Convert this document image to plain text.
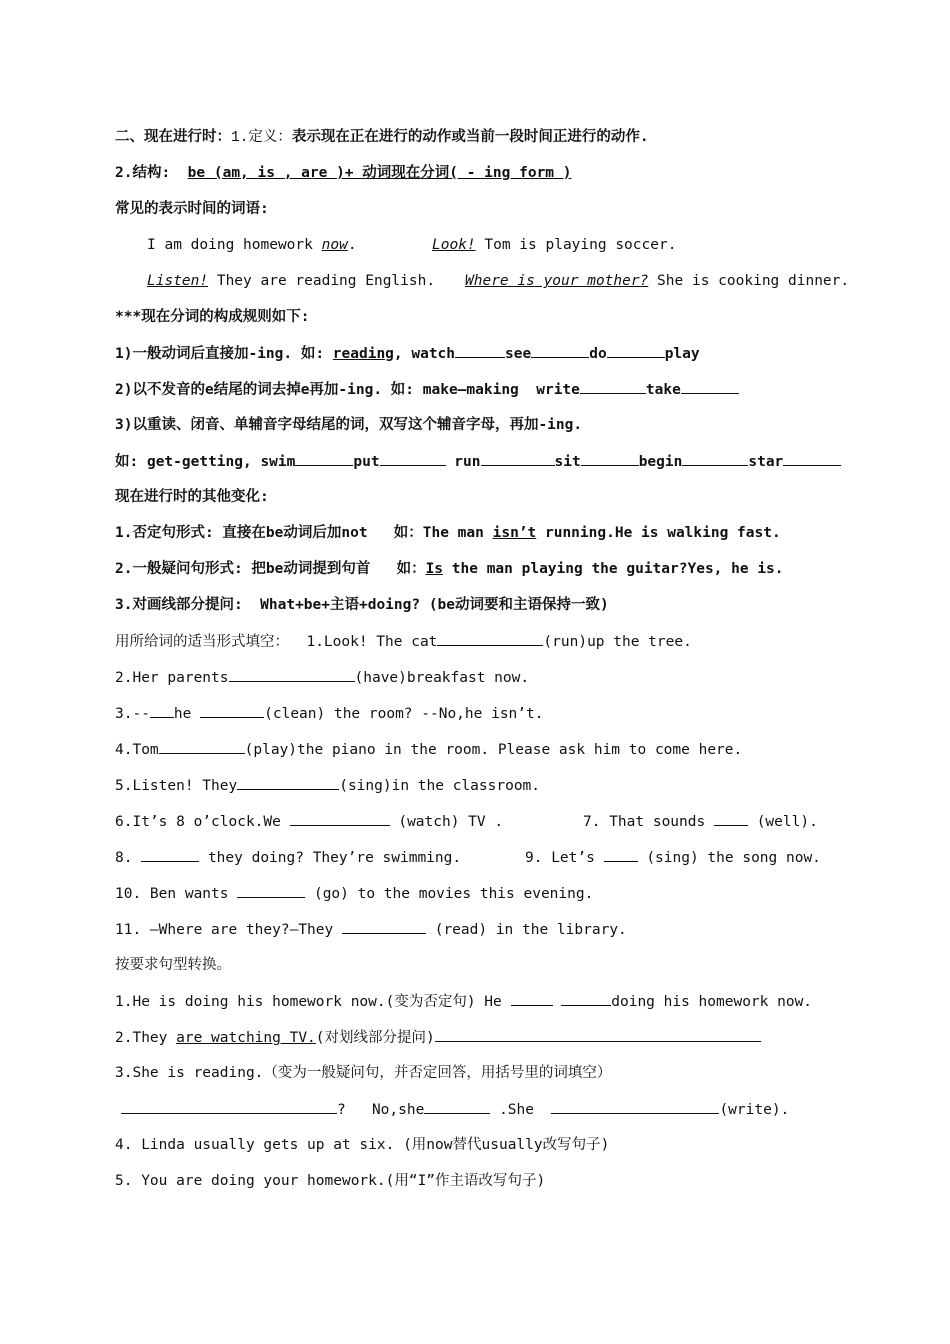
二、现在进行时：1.定义：表示现在正在进行的动作或当前一段时间正进行的动作.
2.结构: be (am, is , are )+ 动词现在分词( - ing form )
常见的表示时间的词语:
I am doing homework now.	Look! Tom is playing soccer.
Listen! They are reading English. Where is your mother? She is cooking dinner.
***现在分词的构成规则如下:
1)一般动词后直接加-ing. 如: reading, watch	see	do	play
2)以不发音的e结尾的词去掉e再加-ing. 如: make—making  write	take
3)以重读、闭音、单辅音字母结尾的词，双写这个辅音字母，再加-ing.
如: get-getting, swim	put	run	sit	begin	star
现在进行时的其他变化:
1.否定句形式: 直接在be动词后加not   如：The man isn’t running.He is walking fast.
2.一般疑问句形式: 把be动词提到句首   如：Is the man playing the guitar?Yes, he is.
3.对画线部分提问:  What+be+主语+doing? (be动词要和主语保持一致)
用所给词的适当形式填空： 1.Look! The cat	(run)up the tree.
2.Her parents	(have)breakfast now.
3.-- he	(clean) the room? --No,he isn’t.
4.Tom	(play)the piano in the room. Please ask him to come here.
5.Listen! They	(sing)in the classroom.
6.It’s 8 o’clock.We	(watch) TV .	7. That sounds	(well).
8.	they doing? They’re swimming.	9. Let’s	(sing) the song now.
10. Ben wants	(go) to the movies this evening.
11. —Where are they?—They	(read) in the library.
按要求句型转换。
1.He is doing his homework now.(变为否定句) He	doing his homework now.
2.They are watching TV.(对划线部分提问)
3.She is reading.（变为一般疑问句，并否定回答，用括号里的词填空）
? No,she	.She	(write).
4. Linda usually gets up at six. (用now替代usually改写句子)
5. You are doing your homework.(用“I”作主语改写句子)
